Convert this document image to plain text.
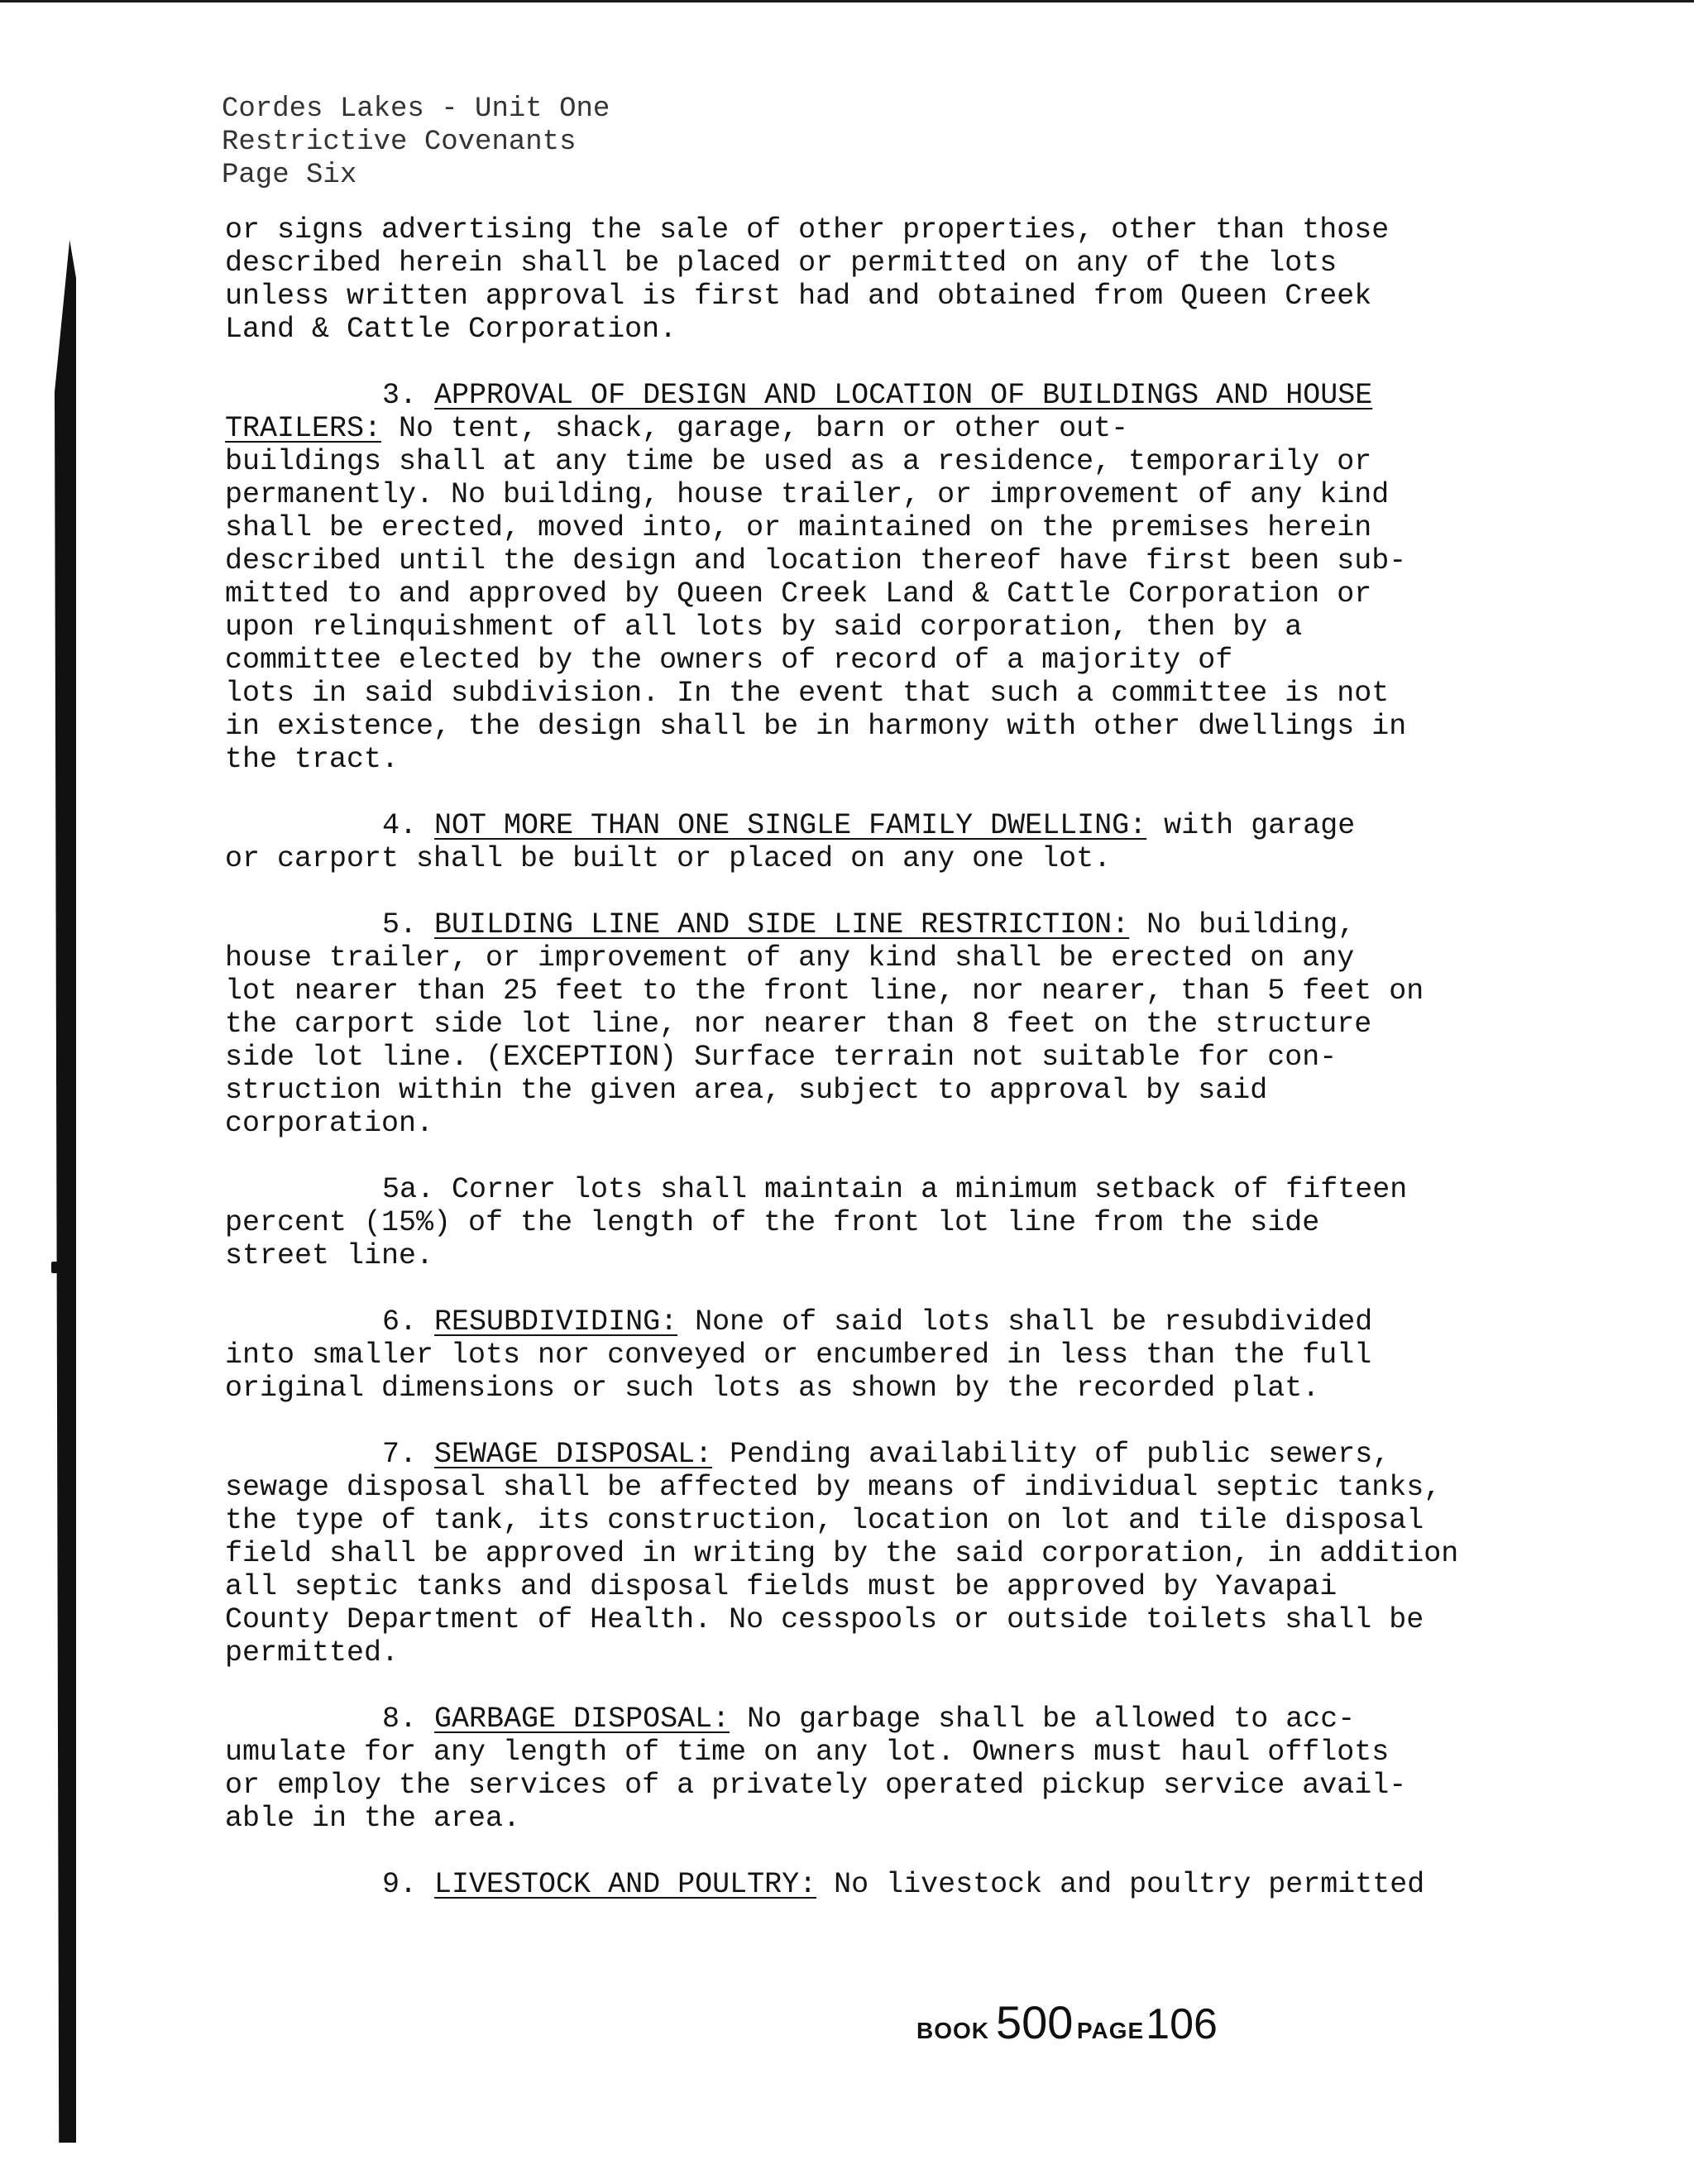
Cordes Lakes - Unit One
Restrictive Covenants
Page Six
or signs advertising the sale of other properties, other than those
described herein shall be placed or permitted on any of the lots
unless written approval is first had and obtained from Queen Creek
Land & Cattle Corporation.
3. APPROVAL OF DESIGN AND LOCATION OF BUILDINGS AND HOUSE
TRAILERS: No tent, shack, garage, barn or other out-
buildings shall at any time be used as a residence, temporarily or
permanently. No building, house trailer, or improvement of any kind
shall be erected, moved into, or maintained on the premises herein
described until the design and location thereof have first been sub-
mitted to and approved by Queen Creek Land & Cattle Corporation or
upon relinquishment of all lots by said corporation, then by a
committee elected by the owners of record of a majority of
lots in said subdivision. In the event that such a committee is not
in existence, the design shall be in harmony with other dwellings in
the tract.
4. NOT MORE THAN ONE SINGLE FAMILY DWELLING: with garage
or carport shall be built or placed on any one lot.
5. BUILDING LINE AND SIDE LINE RESTRICTION: No building,
house trailer, or improvement of any kind shall be erected on any
lot nearer than 25 feet to the front line, nor nearer, than 5 feet on
the carport side lot line, nor nearer than 8 feet on the structure
side lot line. (EXCEPTION) Surface terrain not suitable for con-
struction within the given area, subject to approval by said
corporation.
5a. Corner lots shall maintain a minimum setback of fifteen
percent (15%) of the length of the front lot line from the side
street line.
6. RESUBDIVIDING: None of said lots shall be resubdivided
into smaller lots nor conveyed or encumbered in less than the full
original dimensions or such lots as shown by the recorded plat.
7. SEWAGE DISPOSAL: Pending availability of public sewers,
sewage disposal shall be affected by means of individual septic tanks,
the type of tank, its construction, location on lot and tile disposal
field shall be approved in writing by the said corporation, in addition
all septic tanks and disposal fields must be approved by Yavapai
County Department of Health. No cesspools or outside toilets shall be
permitted.
8. GARBAGE DISPOSAL: No garbage shall be allowed to acc-
umulate for any length of time on any lot. Owners must haul offlots
or employ the services of a privately operated pickup service avail-
able in the area.
9. LIVESTOCK AND POULTRY: No livestock and poultry permitted
BOOK 500 PAGE106
